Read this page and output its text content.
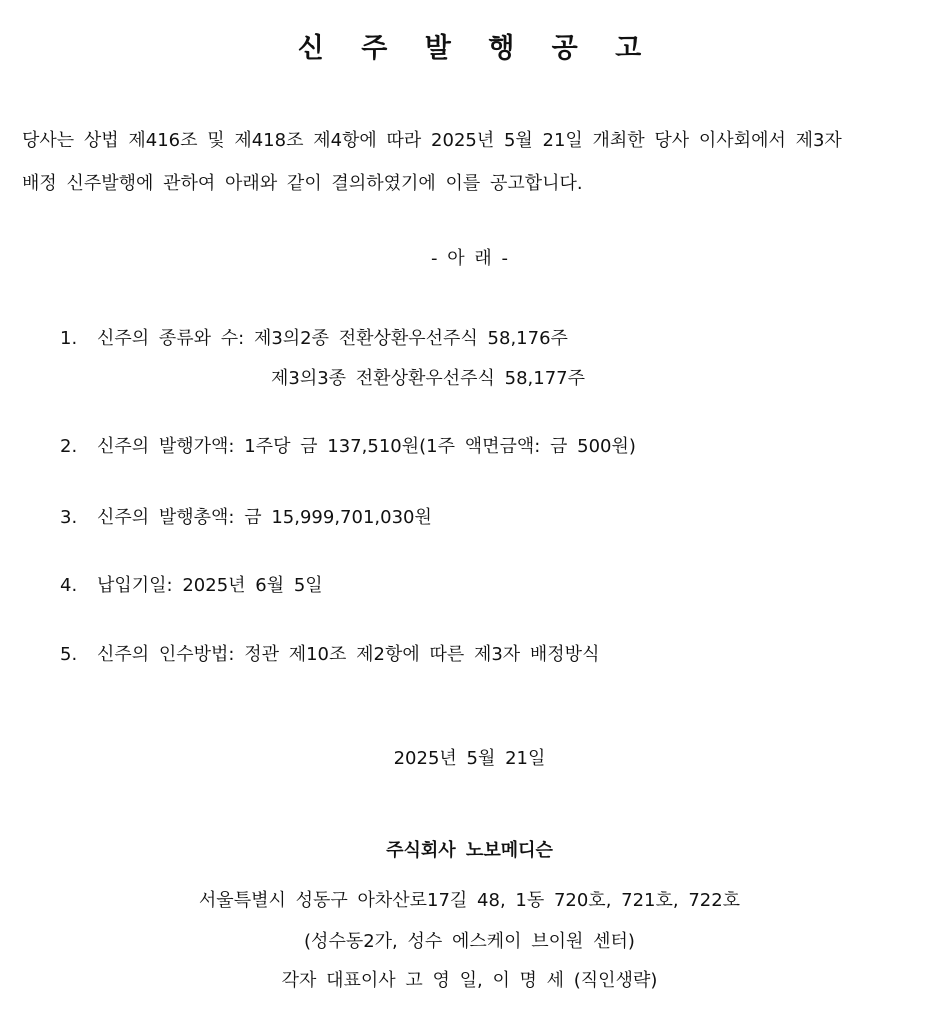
신 주 발 행 공 고
당사는 상법 제416조 및 제418조 제4항에 따라 2025년 5월 21일 개최한 당사 이사회에서 제3자
배정 신주발행에 관하여 아래와 같이 결의하였기에 이를 공고합니다.
- 아 래 -
1. 신주의 종류와 수: 제3의2종 전환상환우선주식 58,176주
제3의3종 전환상환우선주식 58,177주
2. 신주의 발행가액: 1주당 금 137,510원(1주 액면금액: 금 500원)
3. 신주의 발행총액: 금 15,999,701,030원
4. 납입기일: 2025년 6월 5일
5. 신주의 인수방법: 정관 제10조 제2항에 따른 제3자 배정방식
2025년 5월 21일
주식회사 노보메디슨
서울특별시 성동구 아차산로17길 48, 1동 720호, 721호, 722호
(성수동2가, 성수 에스케이 브이원 센터)
각자 대표이사 고 영 일, 이 명 세 (직인생략)
